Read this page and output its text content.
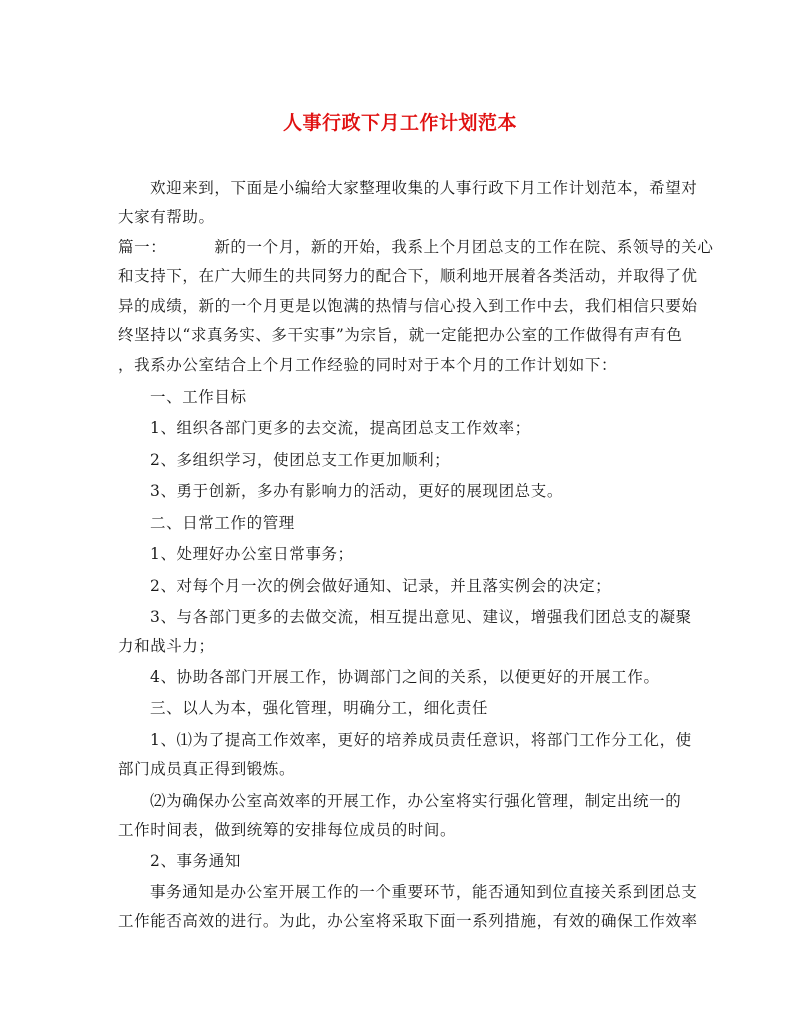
人事行政下月工作计划范本
欢迎来到，下面是小编给大家整理收集的人事行政下月工作计划范本，希望对
大家有帮助。
篇一：	新的一个月，新的开始，我系上个月团总支的工作在院、系领导的关心
和支持下，在广大师生的共同努力的配合下，顺利地开展着各类活动，并取得了优
异的成绩，新的一个月更是以饱满的热情与信心投入到工作中去，我们相信只要始
终坚持以“求真务实、多干实事”为宗旨，就一定能把办公室的工作做得有声有色
，我系办公室结合上个月工作经验的同时对于本个月的工作计划如下：
一、工作目标
1、组织各部门更多的去交流，提高团总支工作效率；
2、多组织学习，使团总支工作更加顺利；
3、勇于创新，多办有影响力的活动，更好的展现团总支。
二、日常工作的管理
1、处理好办公室日常事务；
2、对每个月一次的例会做好通知、记录，并且落实例会的决定；
3、与各部门更多的去做交流，相互提出意见、建议，增强我们团总支的凝聚
力和战斗力；
4、协助各部门开展工作，协调部门之间的关系，以便更好的开展工作。
三、以人为本，强化管理，明确分工，细化责任
1、⑴为了提高工作效率，更好的培养成员责任意识，将部门工作分工化，使
部门成员真正得到锻炼。
⑵为确保办公室高效率的开展工作，办公室将实行强化管理，制定出统一的
工作时间表，做到统筹的安排每位成员的时间。
2、事务通知
事务通知是办公室开展工作的一个重要环节，能否通知到位直接关系到团总支
工作能否高效的进行。为此，办公室将采取下面一系列措施，有效的确保工作效率
